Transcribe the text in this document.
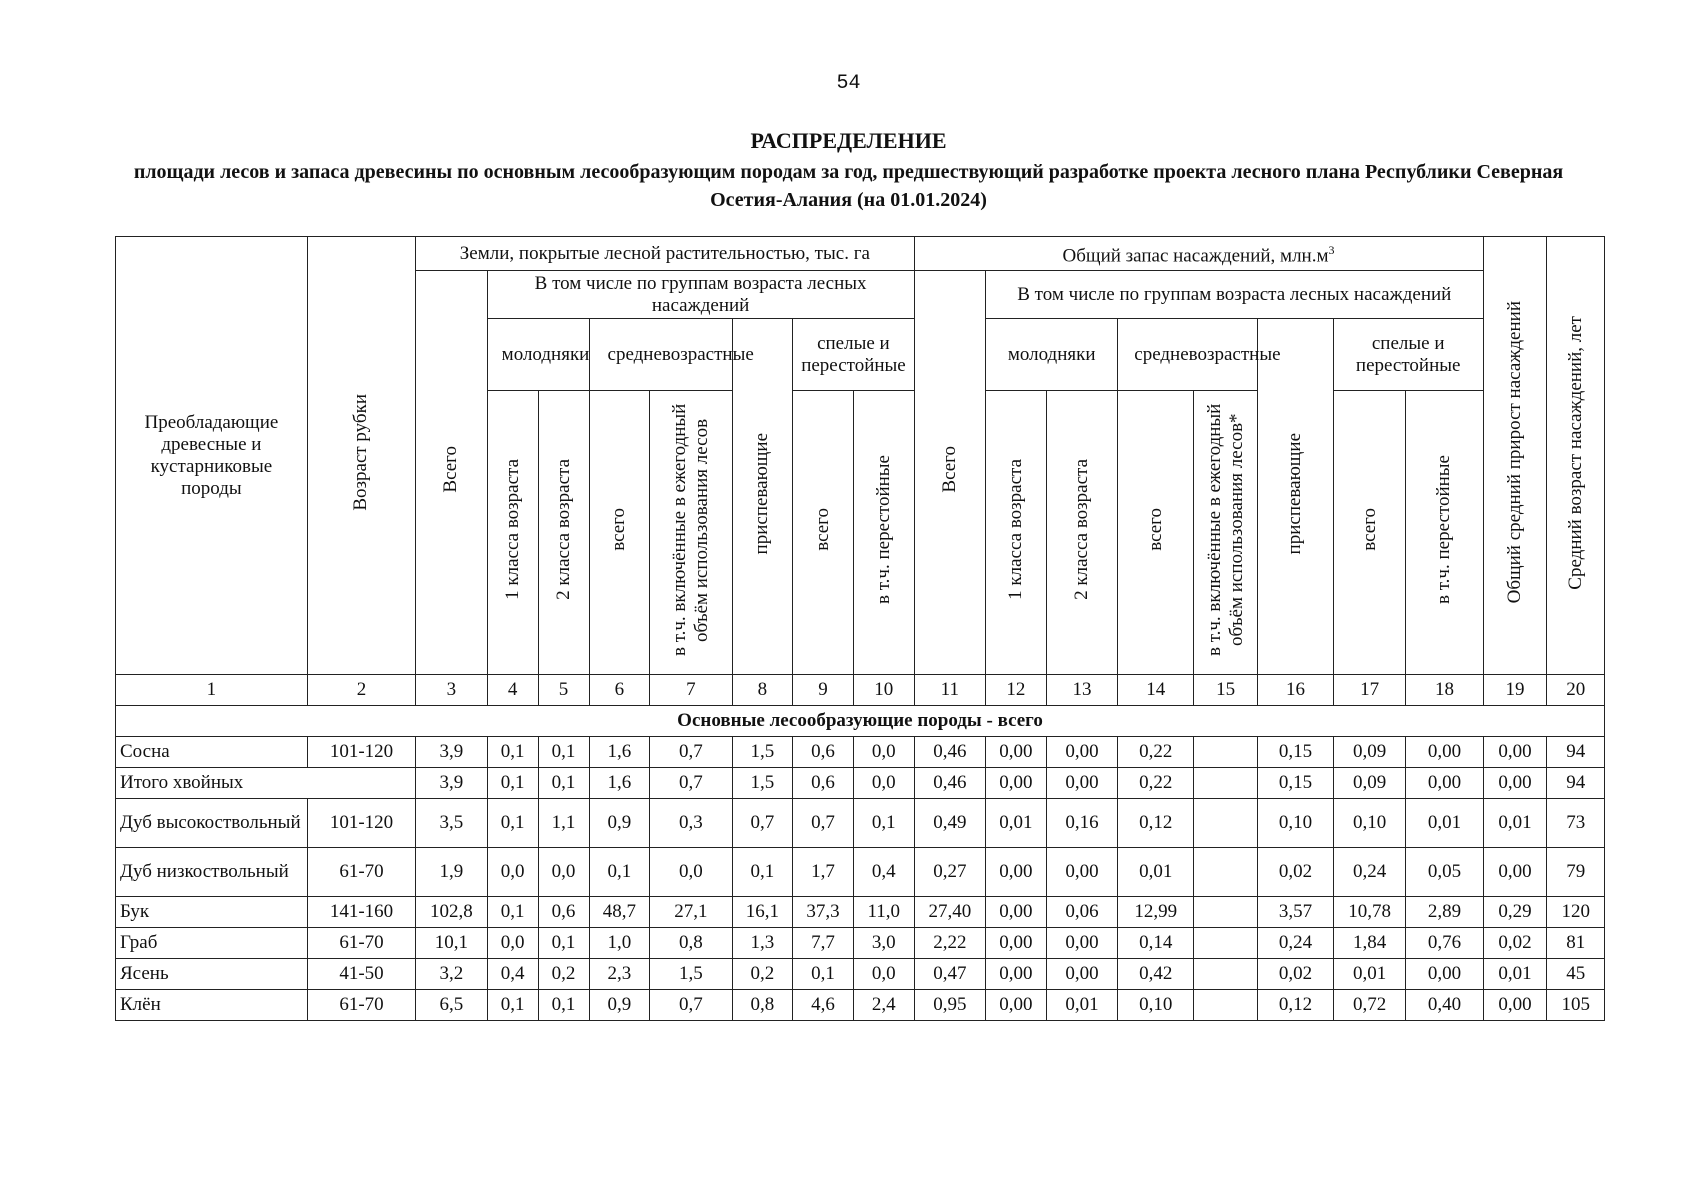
54
РАСПРЕДЕЛЕНИЕ
площади лесов и запаса древесины по основным лесообразующим породам за год, предшествующий разработке проекта лесного плана Республики Северная Осетия-Алания (на 01.01.2024)
Преобладающие древесные и кустарниковые породы	Возраст рубки	Земли, покрытые лесной растительностью, тыс. га								Общий запас насаждений, $млн.м^3$								Общий средний прирост насаждений	Средний возраст насаждений, лет
		Всего	В том числе по группам возраста лесных насаждений							Всего	В том числе по группам возраста лесных насаждений								
			молодняки		средневозрастные		приспевающие	спелые и перестойные			молодняки		средневозрастные		приспевающие	спелые и перестойные			
			1 класса возраста	2 класса возраста	всего	в т.ч. включённые в ежегодный объём использования лесов		всего	в т.ч. перестойные		1 класса возраста	2 класса возраста	всего	в т.ч. включённые в ежегодный объём использования лесов*		всего	в т.ч. перестойные		
1	2	3	4	5	6	7	8	9	10	11	12	13	14	15	16	17	18	19	20
Основные лесообразующие породы - всего																			
Сосна	101-120	3,9	0,1	0,1	1,6	0,7	1,5	0,6	0,0	0,46	0,00	0,00	0,22		0,15	0,09	0,00	0,00	94
Итого хвойных		3,9	0,1	0,1	1,6	0,7	1,5	0,6	0,0	0,46	0,00	0,00	0,22		0,15	0,09	0,00	0,00	94
Дуб высокоствольный	101-120	3,5	0,1	1,1	0,9	0,3	0,7	0,7	0,1	0,49	0,01	0,16	0,12		0,10	0,10	0,01	0,01	73
Дуб низкоствольный	61-70	1,9	0,0	0,0	0,1	0,0	0,1	1,7	0,4	0,27	0,00	0,00	0,01		0,02	0,24	0,05	0,00	79
Бук	141-160	102,8	0,1	0,6	48,7	27,1	16,1	37,3	11,0	27,40	0,00	0,06	12,99		3,57	10,78	2,89	0,29	120
Граб	61-70	10,1	0,0	0,1	1,0	0,8	1,3	7,7	3,0	2,22	0,00	0,00	0,14		0,24	1,84	0,76	0,02	81
Ясень	41-50	3,2	0,4	0,2	2,3	1,5	0,2	0,1	0,0	0,47	0,00	0,00	0,42		0,02	0,01	0,00	0,01	45
Клён	61-70	6,5	0,1	0,1	0,9	0,7	0,8	4,6	2,4	0,95	0,00	0,01	0,10		0,12	0,72	0,40	0,00	105
